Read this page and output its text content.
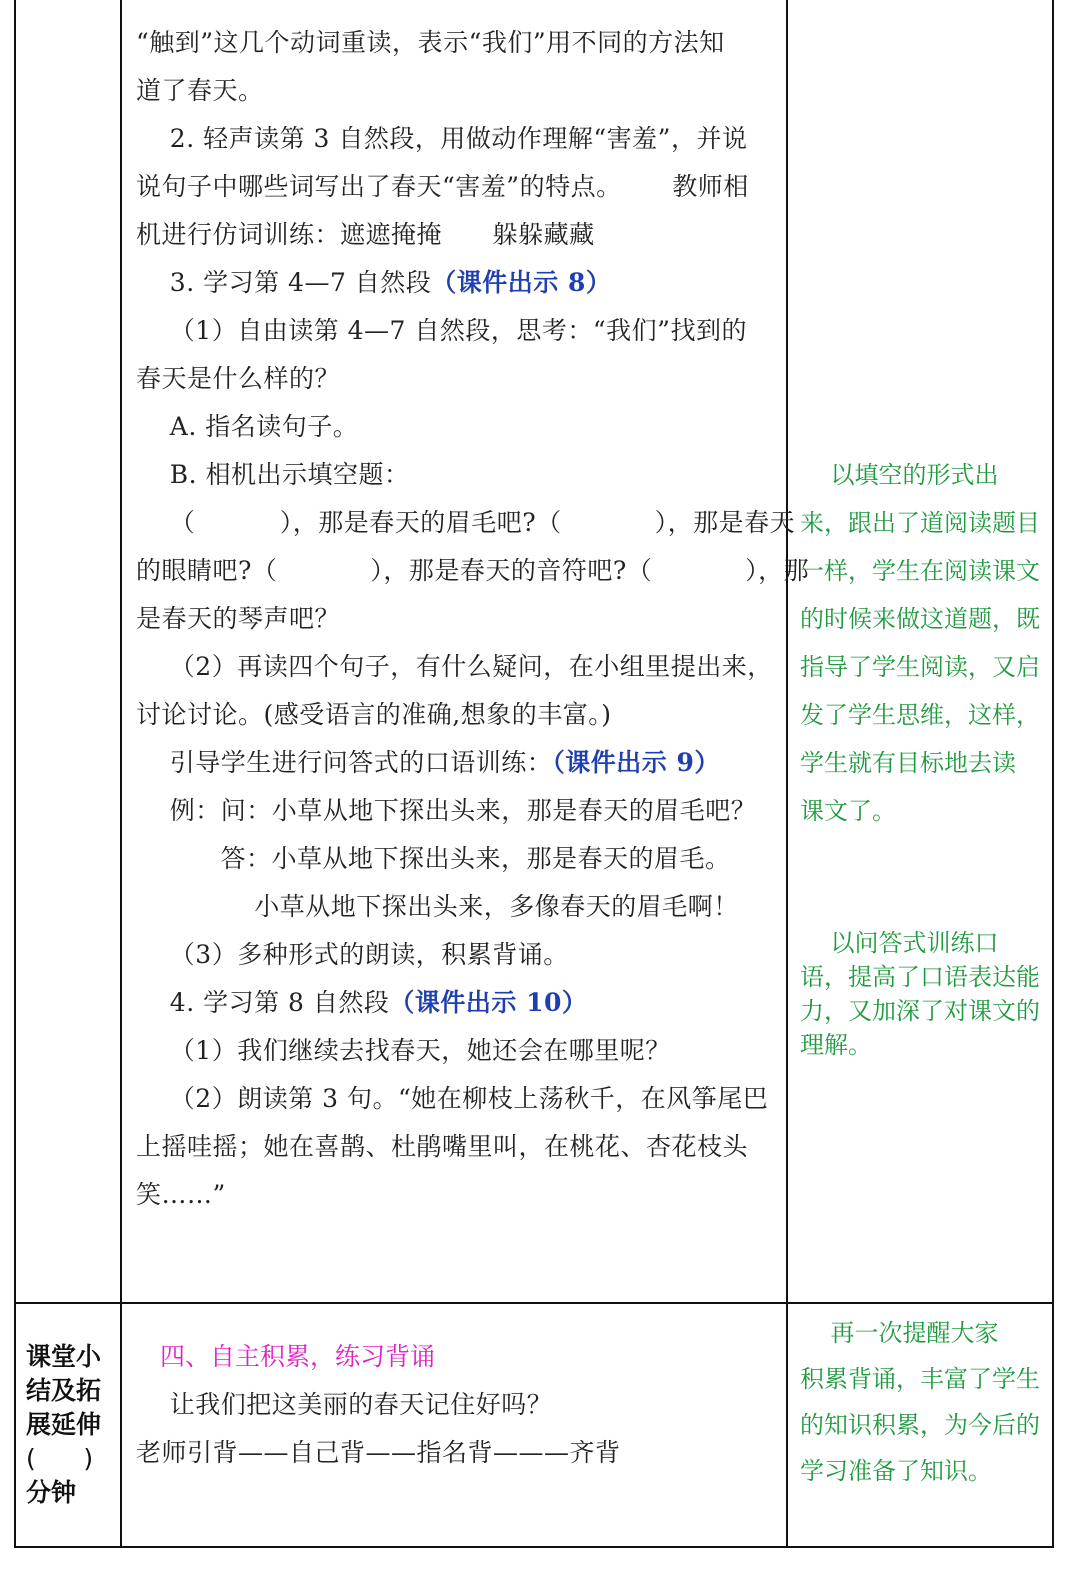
课堂小
结及拓
展延伸
(      )
分钟
“触到”这几个动词重读，表示“我们”用不同的方法知
道了春天。
2. 轻声读第 3 自然段，用做动作理解“害羞”，并说
说句子中哪些词写出了春天“害羞”的特点。      教师相
机进行仿词训练：遮遮掩掩      躲躲藏藏
3. 学习第 4—7 自然段（课件出示 8）
（1）自由读第 4—7 自然段，思考：“我们”找到的
春天是什么样的？
A. 指名读句子。
B. 相机出示填空题：
（          ），那是春天的眉毛吧?（           ），那是春天
的眼睛吧?（           ），那是春天的音符吧?（           ），那
是春天的琴声吧？
（2）再读四个句子，有什么疑问，在小组里提出来，
讨论讨论。(感受语言的准确,想象的丰富。)
引导学生进行问答式的口语训练：（课件出示 9）
例：问：小草从地下探出头来，那是春天的眉毛吧？
答：小草从地下探出头来，那是春天的眉毛。
小草从地下探出头来，多像春天的眉毛啊！
（3）多种形式的朗读，积累背诵。
4. 学习第 8 自然段（课件出示 10）
（1）我们继续去找春天，她还会在哪里呢？
（2）朗读第 3 句。“她在柳枝上荡秋千，在风筝尾巴
上摇哇摇；她在喜鹊、杜鹃嘴里叫，在桃花、杏花枝头
笑……”
四、自主积累，练习背诵
让我们把这美丽的春天记住好吗？
老师引背——自己背——指名背———齐背
以填空的形式出
来，跟出了道阅读题目
一样，学生在阅读课文
的时候来做这道题，既
指导了学生阅读，又启
发了学生思维，这样，
学生就有目标地去读
课文了。
以问答式训练口
语，提高了口语表达能
力，又加深了对课文的
理解。
再一次提醒大家
积累背诵，丰富了学生
的知识积累，为今后的
学习准备了知识。
